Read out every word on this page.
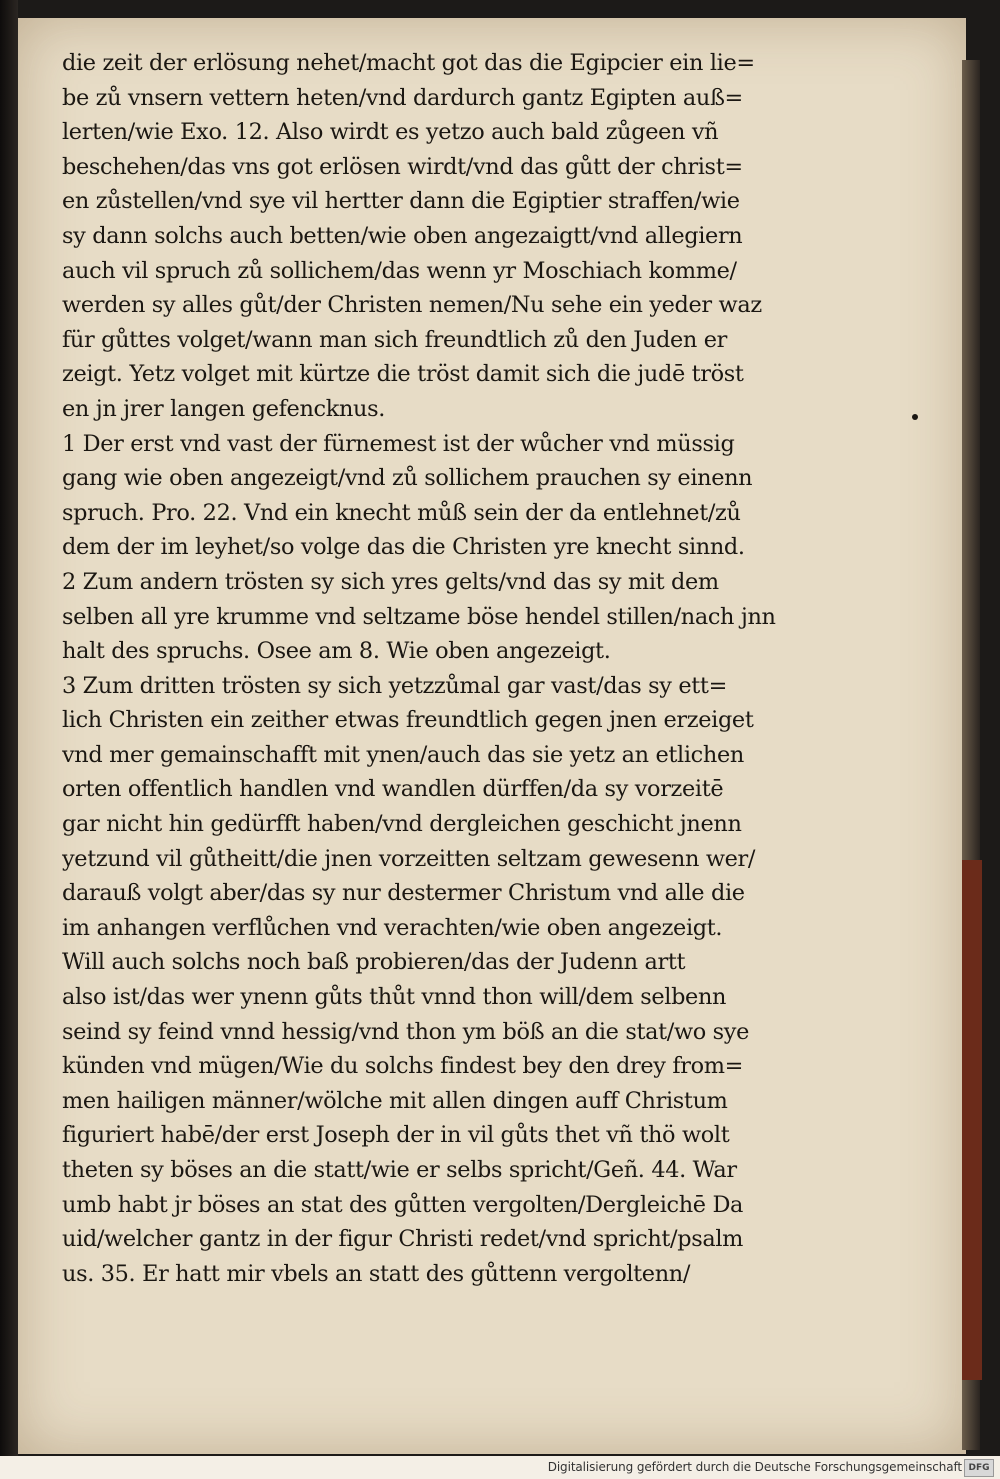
die zeit der erlösung nehet/macht got das die Egipcier ein lie=
be zů vnsern vettern heten/vnd dardurch gantz Egipten auß=
lerten/wie Exo. 12. Also wirdt es yetzo auch bald zůgeen vñ
beschehen/das vns got erlösen wirdt/vnd das gůtt der christ=
en zůstellen/vnd sye vil hertter dann die Egiptier straffen/wie
sy dann solchs auch betten/wie oben angezaigtt/vnd allegiern
auch vil spruch zů sollichem/das wenn yr Moschiach komme/
werden sy alles gůt/der Christen nemen/Nu sehe ein yeder waz
für gůttes volget/wann man sich freundtlich zů den Juden er
zeigt. Yetz volget mit kürtze die tröst damit sich die judē tröst
en jn jrer langen gefencknus.
1 Der erst vnd vast der fürnemest ist der wůcher vnd müssig
gang wie oben angezeigt/vnd zů sollichem prauchen sy einenn
spruch. Pro. 22. Vnd ein knecht můß sein der da entlehnet/zů
dem der im leyhet/so volge das die Christen yre knecht sinnd.
2 Zum andern trösten sy sich yres gelts/vnd das sy mit dem
selben all yre krumme vnd seltzame böse hendel stillen/nach jnn
halt des spruchs. Osee am 8. Wie oben angezeigt.
3 Zum dritten trösten sy sich yetzzůmal gar vast/das sy ett=
lich Christen ein zeither etwas freundtlich gegen jnen erzeiget
vnd mer gemainschafft mit ynen/auch das sie yetz an etlichen
orten offentlich handlen vnd wandlen dürffen/da sy vorzeitē
gar nicht hin gedürfft haben/vnd dergleichen geschicht jnenn
yetzund vil gůtheitt/die jnen vorzeitten seltzam gewesenn wer/
darauß volgt aber/das sy nur destermer Christum vnd alle die
im anhangen verflůchen vnd verachten/wie oben angezeigt.
Will auch solchs noch baß probieren/das der Judenn artt
also ist/das wer ynenn gůts thůt vnnd thon will/dem selbenn
seind sy feind vnnd hessig/vnd thon ym böß an die stat/wo sye
künden vnd mügen/Wie du solchs findest bey den drey from=
men hailigen männer/wölche mit allen dingen auff Christum
figuriert habē/der erst Joseph der in vil gůts thet vñ thö wolt
theten sy böses an die statt/wie er selbs spricht/Geñ. 44. War
umb habt jr böses an stat des gůtten vergolten/Dergleichē Da
uid/welcher gantz in der figur Christi redet/vnd spricht/psalm
us. 35. Er hatt mir vbels an statt des gůttenn vergoltenn/
Digitalisierung gefördert durch die Deutsche Forschungsgemeinschaft DFG
